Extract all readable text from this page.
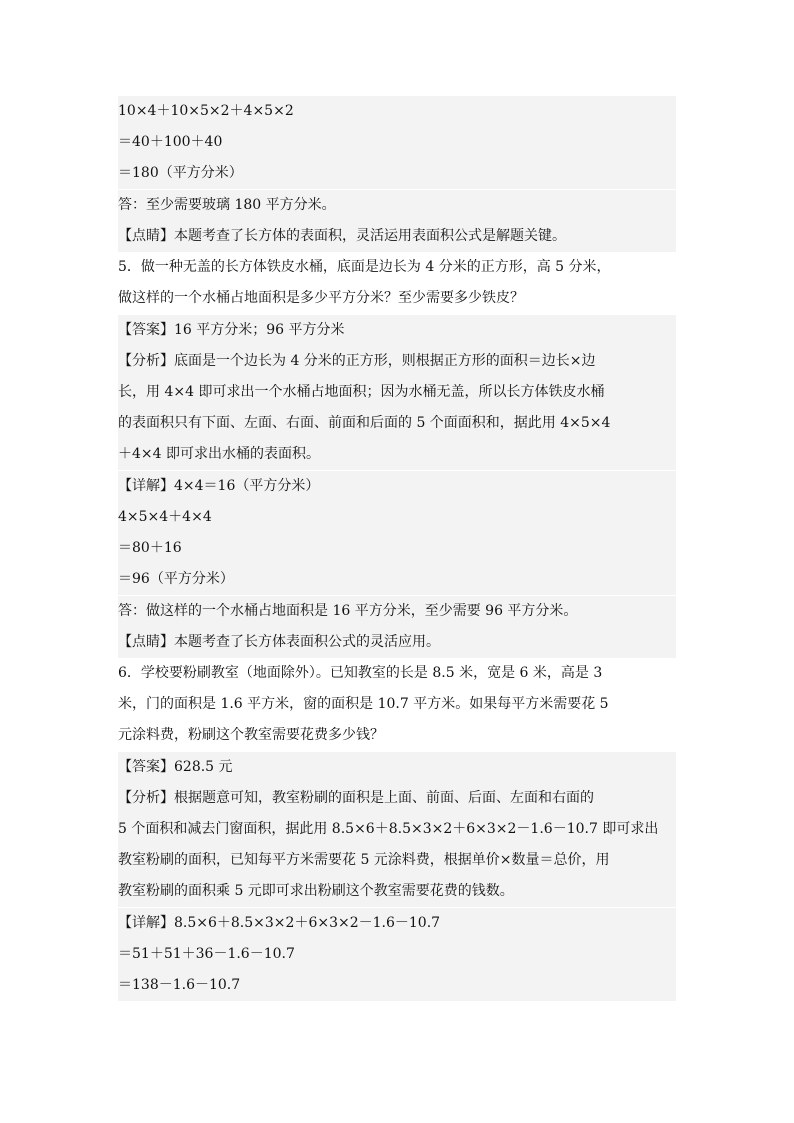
10×4＋10×5×2＋4×5×2
＝40＋100＋40
＝180（平方分米）
答：至少需要玻璃 180 平方分米。
【点睛】本题考查了长方体的表面积，灵活运用表面积公式是解题关键。
5．做一种无盖的长方体铁皮水桶，底面是边长为 4 分米的正方形，高 5 分米，
做这样的一个水桶占地面积是多少平方分米？至少需要多少铁皮？
【答案】16 平方分米；96 平方分米
【分析】底面是一个边长为 4 分米的正方形，则根据正方形的面积＝边长×边
长，用 4×4 即可求出一个水桶占地面积；因为水桶无盖，所以长方体铁皮水桶
的表面积只有下面、左面、右面、前面和后面的 5 个面面积和，据此用 4×5×4
＋4×4 即可求出水桶的表面积。
【详解】4×4＝16（平方分米）
4×5×4＋4×4
＝80＋16
＝96（平方分米）
答：做这样的一个水桶占地面积是 16 平方分米，至少需要 96 平方分米。
【点睛】本题考查了长方体表面积公式的灵活应用。
6．学校要粉刷教室（地面除外）。已知教室的长是 8.5 米，宽是 6 米，高是 3
米，门的面积是 1.6 平方米，窗的面积是 10.7 平方米。如果每平方米需要花 5
元涂料费，粉刷这个教室需要花费多少钱？
【答案】628.5 元
【分析】根据题意可知，教室粉刷的面积是上面、前面、后面、左面和右面的
5 个面积和减去门窗面积，据此用 8.5×6＋8.5×3×2＋6×3×2－1.6－10.7 即可求出
教室粉刷的面积，已知每平方米需要花 5 元涂料费，根据单价×数量＝总价，用
教室粉刷的面积乘 5 元即可求出粉刷这个教室需要花费的钱数。
【详解】8.5×6＋8.5×3×2＋6×3×2－1.6－10.7
＝51＋51＋36－1.6－10.7
＝138－1.6－10.7
